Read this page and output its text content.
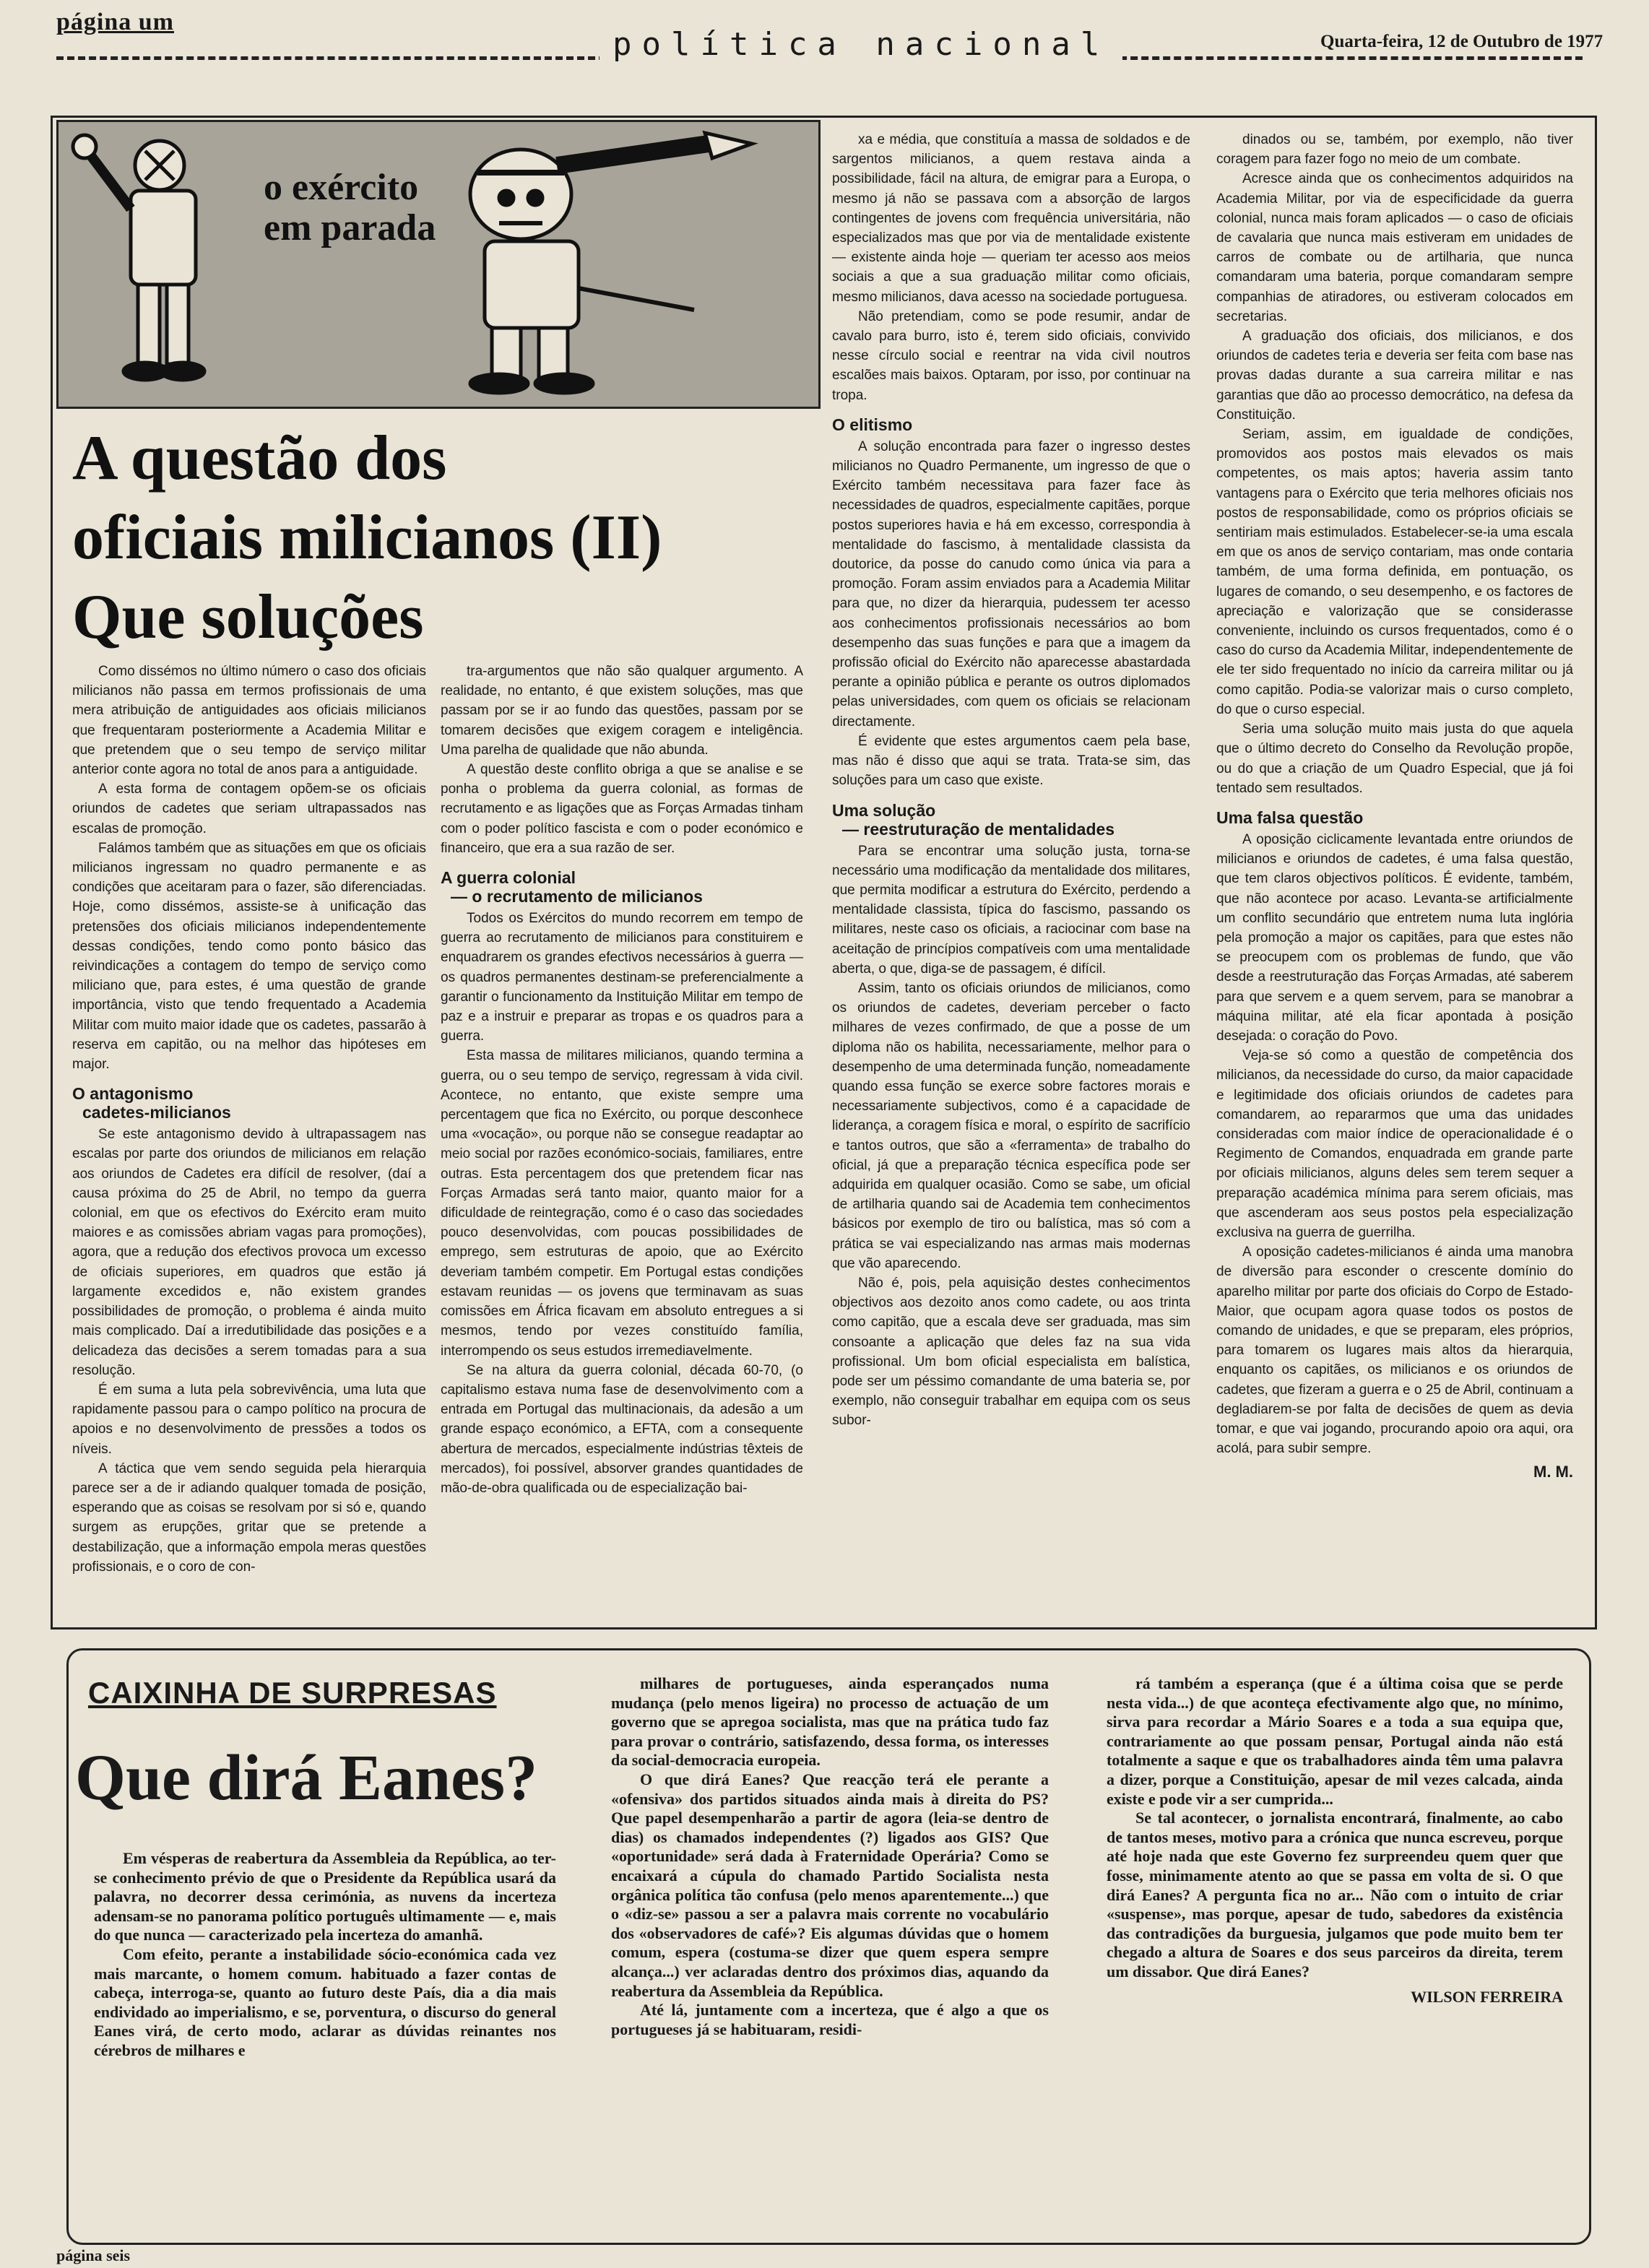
página um
política nacional	Quarta-feira, 12 de Outubro de 1977
o exército
em parada
A questão dos
oficiais milicianos (II)
Que soluções

Como dissémos no último número o caso dos oficiais milicianos não passa em termos profissionais de uma mera atribuição de antiguidades aos oficiais milicianos que frequentaram posteriormente a Academia Militar e que pretendem que o seu tempo de serviço militar anterior conte agora no total de anos para a antiguidade.

A esta forma de contagem opõem-se os oficiais oriundos de cadetes que seriam ultrapassados nas escalas de promoção.

Falámos também que as situações em que os oficiais milicianos ingressam no quadro permanente e as condições que aceitaram para o fazer, são diferenciadas. Hoje, como dissémos, assiste-se à unificação das pretensões dos oficiais milicianos independentemente dessas condições, tendo como ponto básico das reivindicações a contagem do tempo de serviço como miliciano que, para estes, é uma questão de grande importância, visto que tendo frequentado a Academia Militar com muito maior idade que os cadetes, passarão à reserva em capitão, ou na melhor das hipóteses em major.

O antagonismo
cadetes-milicianos

Se este antagonismo devido à ultrapassagem nas escalas por parte dos oriundos de milicianos em relação aos oriundos de Cadetes era difícil de resolver, (daí a causa próxima do 25 de Abril, no tempo da guerra colonial, em que os efectivos do Exército eram muito maiores e as comissões abriam vagas para promoções), agora, que a redução dos efectivos provoca um excesso de oficiais superiores, em quadros que estão já largamente excedidos e, não existem grandes possibilidades de promoção, o problema é ainda muito mais complicado. Daí a irredutibilidade das posições e a delicadeza das decisões a serem tomadas para a sua resolução.

É em suma a luta pela sobrevivência, uma luta que rapidamente passou para o campo político na procura de apoios e no desenvolvimento de pressões a todos os níveis.

A táctica que vem sendo seguida pela hierarquia parece ser a de ir adiando qualquer tomada de posição, esperando que as coisas se resolvam por si só e, quando surgem as erupções, gritar que se pretende a destabilização, que a informação empola meras questões profissionais, e o coro de con-

tra-argumentos que não são qualquer argumento. A realidade, no entanto, é que existem soluções, mas que passam por se ir ao fundo das questões, passam por se tomarem decisões que exigem coragem e inteligência. Uma parelha de qualidade que não abunda.

A questão deste conflito obriga a que se analise e se ponha o problema da guerra colonial, as formas de recrutamento e as ligações que as Forças Armadas tinham com o poder político fascista e com o poder económico e financeiro, que era a sua razão de ser.

A guerra colonial
— o recrutamento de milicianos

Todos os Exércitos do mundo recorrem em tempo de guerra ao recrutamento de milicianos para constituirem e enquadrarem os grandes efectivos necessários à guerra — os quadros permanentes destinam-se preferencialmente a garantir o funcionamento da Instituição Militar em tempo de paz e a instruir e preparar as tropas e os quadros para a guerra.

Esta massa de militares milicianos, quando termina a guerra, ou o seu tempo de serviço, regressam à vida civil. Acontece, no entanto, que existe sempre uma percentagem que fica no Exército, ou porque desconhece uma «vocação», ou porque não se consegue readaptar ao meio social por razões económico-sociais, familiares, entre outras. Esta percentagem dos que pretendem ficar nas Forças Armadas será tanto maior, quanto maior for a dificuldade de reintegração, como é o caso das sociedades pouco desenvolvidas, com poucas possibilidades de emprego, sem estruturas de apoio, que ao Exército deveriam também competir. Em Portugal estas condições estavam reunidas — os jovens que terminavam as suas comissões em África ficavam em absoluto entregues a si mesmos, tendo por vezes constituído família, interrompendo os seus estudos irremediavelmente.

Se na altura da guerra colonial, década 60-70, (o capitalismo estava numa fase de desenvolvimento com a entrada em Portugal das multinacionais, da adesão a um grande espaço económico, a EFTA, com a consequente abertura de mercados, especialmente indústrias têxteis de mercados), foi possível, absorver grandes quantidades de mão-de-obra qualificada ou de especialização bai-

xa e média, que constituía a massa de soldados e de sargentos milicianos, a quem restava ainda a possibilidade, fácil na altura, de emigrar para a Europa, o mesmo já não se passava com a absorção de largos contingentes de jovens com frequência universitária, não especializados mas que por via de mentalidade existente — existente ainda hoje — queriam ter acesso aos meios sociais a que a sua graduação militar como oficiais, mesmo milicianos, dava acesso na sociedade portuguesa.

Não pretendiam, como se pode resumir, andar de cavalo para burro, isto é, terem sido oficiais, convivido nesse círculo social e reentrar na vida civil noutros escalões mais baixos. Optaram, por isso, por continuar na tropa.

O elitismo

A solução encontrada para fazer o ingresso destes milicianos no Quadro Permanente, um ingresso de que o Exército também necessitava para fazer face às necessidades de quadros, especialmente capitães, porque postos superiores havia e há em excesso, correspondia à mentalidade do fascismo, à mentalidade classista da doutorice, da posse do canudo como única via para a promoção. Foram assim enviados para a Academia Militar para que, no dizer da hierarquia, pudessem ter acesso aos conhecimentos profissionais necessários ao bom desempenho das suas funções e para que a imagem da profissão oficial do Exército não aparecesse abastardada perante a opinião pública e perante os outros diplomados pelas universidades, com quem os oficiais se relacionam directamente.

É evidente que estes argumentos caem pela base, mas não é disso que aqui se trata. Trata-se sim, das soluções para um caso que existe.

Uma solução
— reestruturação de mentalidades

Para se encontrar uma solução justa, torna-se necessário uma modificação da mentalidade dos militares, que permita modificar a estrutura do Exército, perdendo a mentalidade classista, típica do fascismo, passando os militares, neste caso os oficiais, a raciocinar com base na aceitação de princípios compatíveis com uma mentalidade aberta, o que, diga-se de passagem, é difícil.

Assim, tanto os oficiais oriundos de milicianos, como os oriundos de cadetes, deveriam perceber o facto milhares de vezes confirmado, de que a posse de um diploma não os habilita, necessariamente, melhor para o desempenho de uma determinada função, nomeadamente quando essa função se exerce sobre factores morais e necessariamente subjectivos, como é a capacidade de liderança, a coragem física e moral, o espírito de sacrifício e tantos outros, que são a «ferramenta» de trabalho do oficial, já que a preparação técnica específica pode ser adquirida em qualquer ocasião. Como se sabe, um oficial de artilharia quando sai de Academia tem conhecimentos básicos por exemplo de tiro ou balística, mas só com a prática se vai especializando nas armas mais modernas que vão aparecendo.

Não é, pois, pela aquisição destes conhecimentos objectivos aos dezoito anos como cadete, ou aos trinta como capitão, que a escala deve ser graduada, mas sim consoante a aplicação que deles faz na sua vida profissional. Um bom oficial especialista em balística, pode ser um péssimo comandante de uma bateria se, por exemplo, não conseguir trabalhar em equipa com os seus subor-

dinados ou se, também, por exemplo, não tiver coragem para fazer fogo no meio de um combate.

Acresce ainda que os conhecimentos adquiridos na Academia Militar, por via de especificidade da guerra colonial, nunca mais foram aplicados — o caso de oficiais de cavalaria que nunca mais estiveram em unidades de carros de combate ou de artilharia, que nunca comandaram uma bateria, porque comandaram sempre companhias de atiradores, ou estiveram colocados em secretarias.

A graduação dos oficiais, dos milicianos, e dos oriundos de cadetes teria e deveria ser feita com base nas provas dadas durante a sua carreira militar e nas garantias que dão ao processo democrático, na defesa da Constituição.

Seriam, assim, em igualdade de condições, promovidos aos postos mais elevados os mais competentes, os mais aptos; haveria assim tanto vantagens para o Exército que teria melhores oficiais nos postos de responsabilidade, como os próprios oficiais se sentiriam mais estimulados. Estabelecer-se-ia uma escala em que os anos de serviço contariam, mas onde contaria também, de uma forma definida, em pontuação, os lugares de comando, o seu desempenho, e os factores de apreciação e valorização que se considerasse conveniente, incluindo os cursos frequentados, como é o caso do curso da Academia Militar, independentemente de ele ter sido frequentado no início da carreira militar ou já como capitão. Podia-se valorizar mais o curso completo, do que o curso especial.

Seria uma solução muito mais justa do que aquela que o último decreto do Conselho da Revolução propõe, ou do que a criação de um Quadro Especial, que já foi tentado sem resultados.

Uma falsa questão

A oposição ciclicamente levantada entre oriundos de milicianos e oriundos de cadetes, é uma falsa questão, que tem claros objectivos políticos. É evidente, também, que não acontece por acaso. Levanta-se artificialmente um conflito secundário que entretem numa luta inglória pela promoção a major os capitães, para que estes não se preocupem com os problemas de fundo, que vão desde a reestruturação das Forças Armadas, até saberem para que servem e a quem servem, para se manobrar a máquina militar, até ela ficar apontada à posição desejada: o coração do Povo.

Veja-se só como a questão de competência dos milicianos, da necessidade do curso, da maior capacidade e legitimidade dos oficiais oriundos de cadetes para comandarem, ao repararmos que uma das unidades consideradas com maior índice de operacionalidade é o Regimento de Comandos, enquadrada em grande parte por oficiais milicianos, alguns deles sem terem sequer a preparação académica mínima para serem oficiais, mas que ascenderam aos seus postos pela especialização exclusiva na guerra de guerrilha.

A oposição cadetes-milicianos é ainda uma manobra de diversão para esconder o crescente domínio do aparelho militar por parte dos oficiais do Corpo de Estado-Maior, que ocupam agora quase todos os postos de comando de unidades, e que se preparam, eles próprios, para tomarem os lugares mais altos da hierarquia, enquanto os capitães, os milicianos e os oriundos de cadetes, que fizeram a guerra e o 25 de Abril, continuam a degladiarem-se por falta de decisões de quem as devia tomar, e que vai jogando, procurando apoio ora aqui, ora acolá, para subir sempre.

M. M.
CAIXINHA DE SURPRESAS
Que dirá Eanes?

Em vésperas de reabertura da Assembleia da República, ao ter-se conhecimento prévio de que o Presidente da República usará da palavra, no decorrer dessa cerimónia, as nuvens da incerteza adensam-se no panorama político português ultimamente — e, mais do que nunca — caracterizado pela incerteza do amanhã.

Com efeito, perante a instabilidade sócio-económica cada vez mais marcante, o homem comum. habituado a fazer contas de cabeça, interroga-se, quanto ao futuro deste País, dia a dia mais endividado ao imperialismo, e se, porventura, o discurso do general Eanes virá, de certo modo, aclarar as dúvidas reinantes nos cérebros de milhares e

milhares de portugueses, ainda esperançados numa mudança (pelo menos ligeira) no processo de actuação de um governo que se apregoa socialista, mas que na prática tudo faz para provar o contrário, satisfazendo, dessa forma, os interesses da social-democracia europeia.

O que dirá Eanes? Que reacção terá ele perante a «ofensiva» dos partidos situados ainda mais à direita do PS? Que papel desempenharão a partir de agora (leia-se dentro de dias) os chamados independentes (?) ligados aos GIS? Que «oportunidade» será dada à Fraternidade Operária? Como se encaixará a cúpula do chamado Partido Socialista nesta orgânica política tão confusa (pelo menos aparentemente...) que o «diz-se» passou a ser a palavra mais corrente no vocabulário dos «observadores de café»? Eis algumas dúvidas que o homem comum, espera (costuma-se dizer que quem espera sempre alcança...) ver aclaradas dentro dos próximos dias, aquando da reabertura da Assembleia da República.

Até lá, juntamente com a incerteza, que é algo a que os portugueses já se habituaram, residi-

rá também a esperança (que é a última coisa que se perde nesta vida...) de que aconteça efectivamente algo que, no mínimo, sirva para recordar a Mário Soares e a toda a sua equipa que, contrariamente ao que possam pensar, Portugal ainda não está totalmente a saque e que os trabalhadores ainda têm uma palavra a dizer, porque a Constituição, apesar de mil vezes calcada, ainda existe e pode vir a ser cumprida...

Se tal acontecer, o jornalista encontrará, finalmente, ao cabo de tantos meses, motivo para a crónica que nunca escreveu, porque até hoje nada que este Governo fez surpreendeu quem quer que fosse, minimamente atento ao que se passa em volta de si. O que dirá Eanes? A pergunta fica no ar... Não com o intuito de criar «suspense», mas porque, apesar de tudo, sabedores da existência das contradições da burguesia, julgamos que pode muito bem ter chegado a altura de Soares e dos seus parceiros da direita, terem um dissabor. Que dirá Eanes?

WILSON FERREIRA
página seis
